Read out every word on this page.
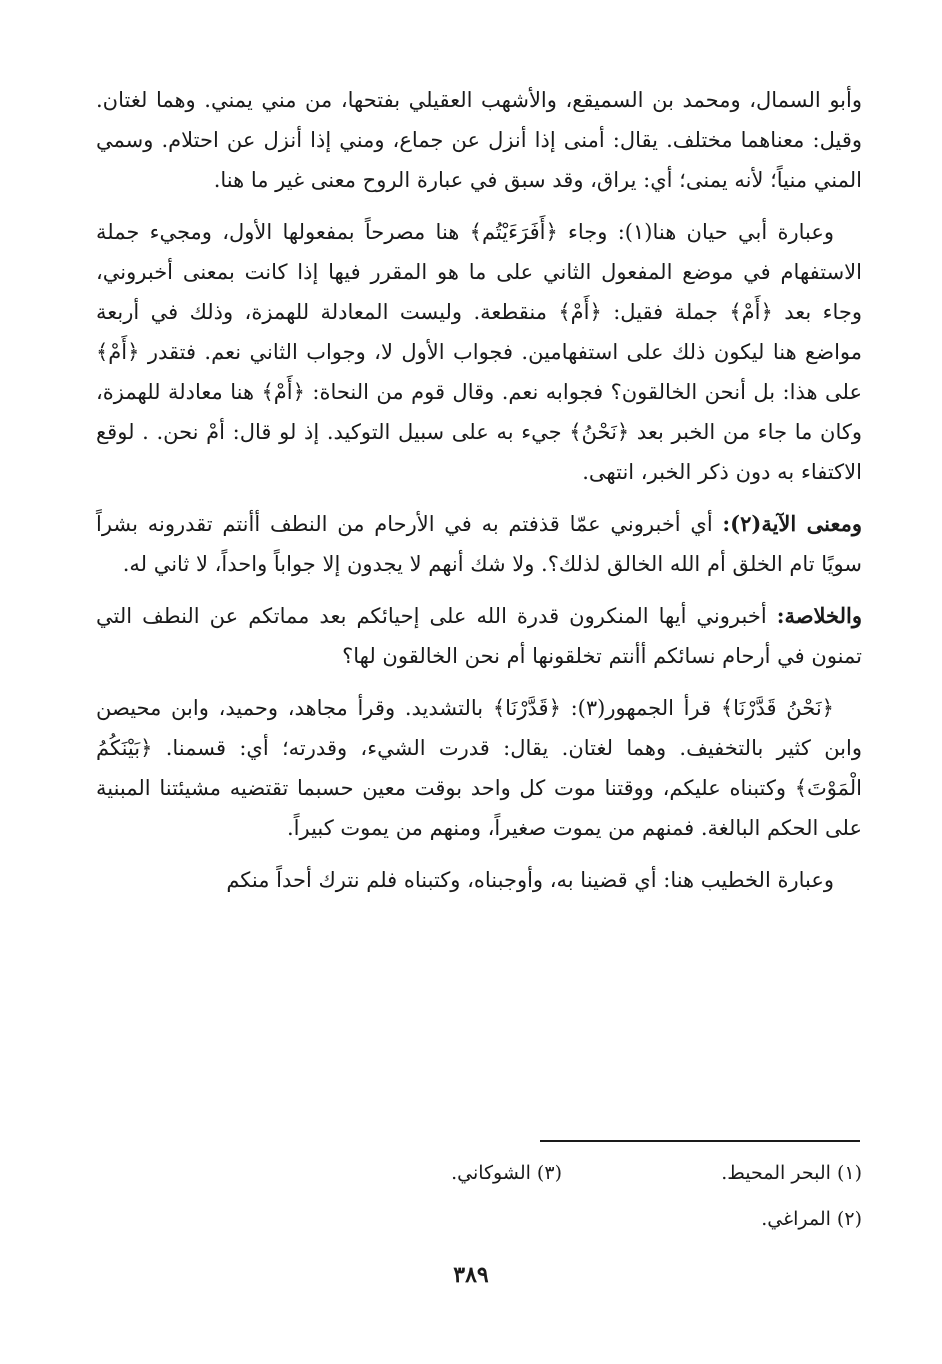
وأبو السمال، ومحمد بن السميقع، والأشهب العقيلي بفتحها، من مني يمني. وهما لغتان. وقيل: معناهما مختلف. يقال: أمنى إذا أنزل عن جماع، ومني إذا أنزل عن احتلام. وسمي المني منياً؛ لأنه يمنى؛ أي: يراق، وقد سبق في عبارة الروح معنى غير ما هنا.

وعبارة أبي حيان هنا(١): وجاء ﴿أَفَرَءَيْتُم﴾ هنا مصرحاً بمفعولها الأول، ومجيء جملة الاستفهام في موضع المفعول الثاني على ما هو المقرر فيها إذا كانت بمعنى أخبروني، وجاء بعد ﴿أَمْ﴾ جملة فقيل: ﴿أَمْ﴾ منقطعة. وليست المعادلة للهمزة، وذلك في أربعة مواضع هنا ليكون ذلك على استفهامين. فجواب الأول لا، وجواب الثاني نعم. فتقدر ﴿أَمْ﴾ على هذا: بل أنحن الخالقون؟ فجوابه نعم. وقال قوم من النحاة: ﴿أَمْ﴾ هنا معادلة للهمزة، وكان ما جاء من الخبر بعد ﴿نَحْنُ﴾ جيء به على سبيل التوكيد. إذ لو قال: أمْ نحن. . لوقع الاكتفاء به دون ذكر الخبر، انتهى.

ومعنى الآية(٢): أي أخبروني عمّا قذفتم به في الأرحام من النطف أأنتم تقدرونه بشراً سويًا تام الخلق أم الله الخالق لذلك؟. ولا شك أنهم لا يجدون إلا جواباً واحداً، لا ثاني له.

والخلاصة: أخبروني أيها المنكرون قدرة الله على إحيائكم بعد مماتكم عن النطف التي تمنون في أرحام نسائكم أأنتم تخلقونها أم نحن الخالقون لها؟

﴿نَحْنُ قَدَّرْنَا﴾ قرأ الجمهور(٣): ﴿قَدَّرْنَا﴾ بالتشديد. وقرأ مجاهد، وحميد، وابن محيصن وابن كثير بالتخفيف. وهما لغتان. يقال: قدرت الشيء، وقدرته؛ أي: قسمنا. ﴿بَيْنَكُمُ الْمَوْتَ﴾ وكتبناه عليكم، ووقتنا موت كل واحد بوقت معين حسبما تقتضيه مشيئتنا المبنية على الحكم البالغة. فمنهم من يموت صغيراً، ومنهم من يموت كبيراً.

وعبارة الخطيب هنا: أي قضينا به، وأوجبناه، وكتبناه فلم نترك أحداً منكم

(١) البحر المحيط.
(٣) الشوكاني.
(٢) المراغي.
٣٨٩
